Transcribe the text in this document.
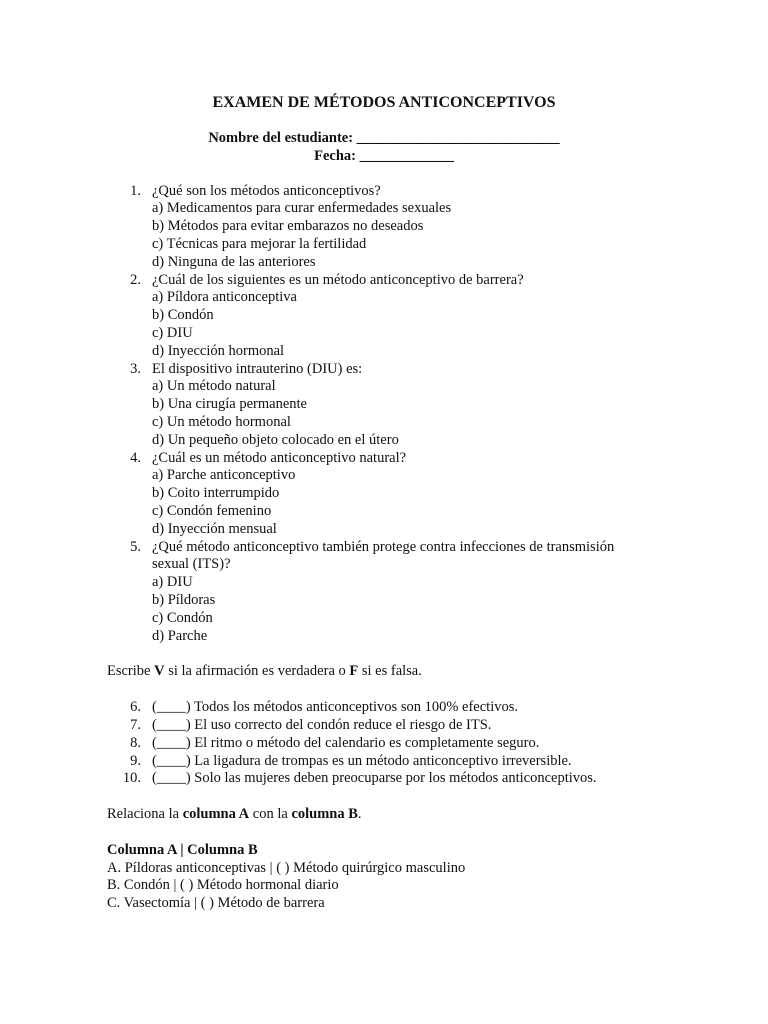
EXAMEN DE MÉTODOS ANTICONCEPTIVOS
Nombre del estudiante: ____________________________
Fecha: _____________
1. ¿Qué son los métodos anticonceptivos?
a) Medicamentos para curar enfermedades sexuales
b) Métodos para evitar embarazos no deseados
c) Técnicas para mejorar la fertilidad
d) Ninguna de las anteriores
2. ¿Cuál de los siguientes es un método anticonceptivo de barrera?
a) Píldora anticonceptiva
b) Condón
c) DIU
d) Inyección hormonal
3. El dispositivo intrauterino (DIU) es:
a) Un método natural
b) Una cirugía permanente
c) Un método hormonal
d) Un pequeño objeto colocado en el útero
4. ¿Cuál es un método anticonceptivo natural?
a) Parche anticonceptivo
b) Coito interrumpido
c) Condón femenino
d) Inyección mensual
5. ¿Qué método anticonceptivo también protege contra infecciones de transmisión sexual (ITS)?
a) DIU
b) Píldoras
c) Condón
d) Parche
Escribe V si la afirmación es verdadera o F si es falsa.
6. (____) Todos los métodos anticonceptivos son 100% efectivos.
7. (____) El uso correcto del condón reduce el riesgo de ITS.
8. (____) El ritmo o método del calendario es completamente seguro.
9. (____) La ligadura de trompas es un método anticonceptivo irreversible.
10. (____) Solo las mujeres deben preocuparse por los métodos anticonceptivos.
Relaciona la columna A con la columna B.
Columna A | Columna B
A. Píldoras anticonceptivas | ( ) Método quirúrgico masculino
B. Condón | ( ) Método hormonal diario
C. Vasectomía | ( ) Método de barrera
